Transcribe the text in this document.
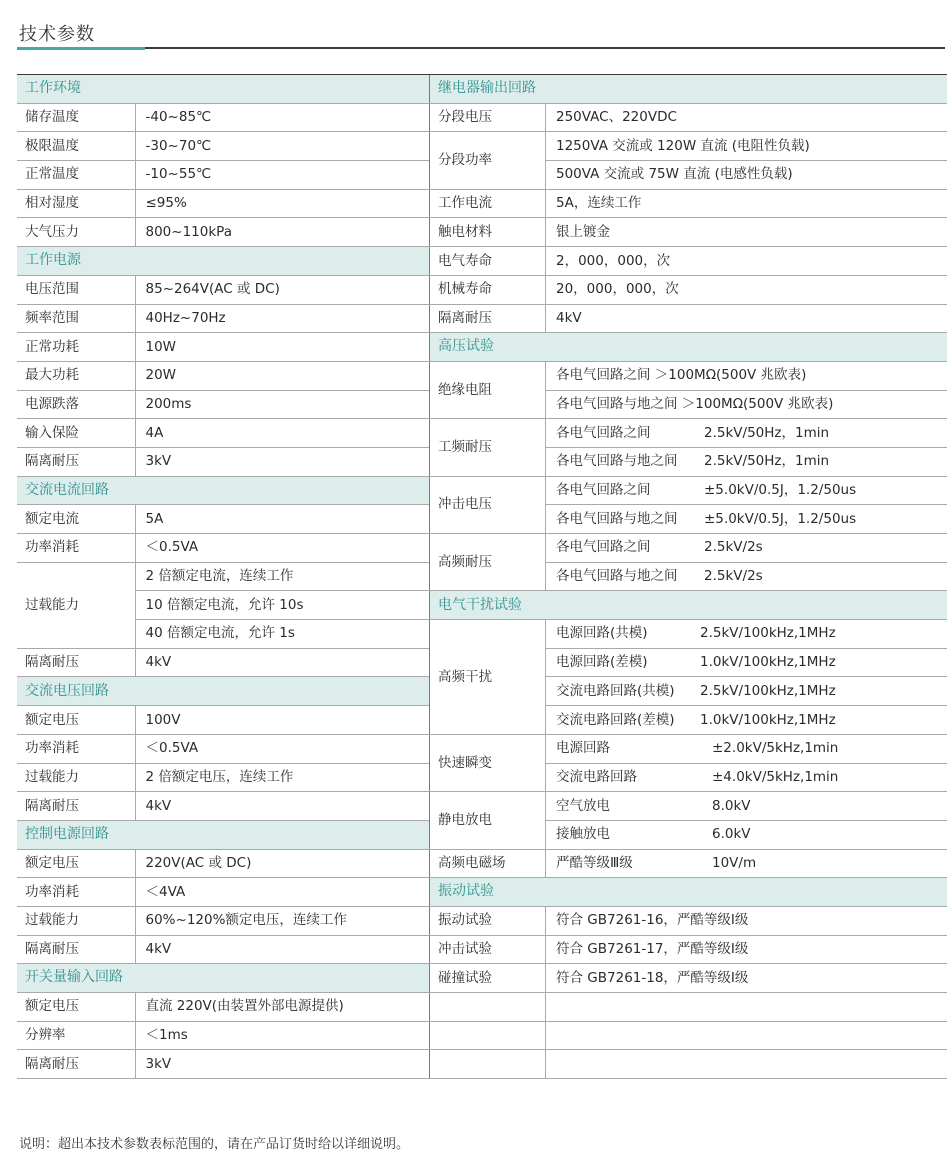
技术参数
工作环境	
储存温度	-40~85℃
极限温度	-30~70℃
正常温度	-10~55℃
相对湿度	≤95%
大气压力	800~110kPa
工作电源	
电压范围	85~264V(AC 或 DC)
频率范围	40Hz~70Hz
正常功耗	10W
最大功耗	20W
电源跌落	200ms
输入保险	4A
隔离耐压	3kV
交流电流回路	
额定电流	5A
功率消耗	＜0.5VA
过载能力	2 倍额定电流，连续工作
	10 倍额定电流，允许 10s
	40 倍额定电流，允许 1s
隔离耐压	4kV
交流电压回路	
额定电压	100V
功率消耗	＜0.5VA
过载能力	2 倍额定电压，连续工作
隔离耐压	4kV
控制电源回路	
额定电压	220V(AC 或 DC)
功率消耗	＜4VA
过载能力	60%~120%额定电压，连续工作
隔离耐压	4kV
开关量输入回路	
额定电压	直流 220V(由装置外部电源提供)
分辨率	＜1ms
隔离耐压	3kV
继电器输出回路	
分段电压	250VAC、220VDC
分段功率	1250VA 交流或 120W 直流 (电阻性负载)
	500VA 交流或 75W 直流 (电感性负载)
工作电流	5A，连续工作
触电材料	银上镀金
电气寿命	2，000，000，次
机械寿命	20，000，000，次
隔离耐压	4kV
高压试验	
绝缘电阻	各电气回路之间 ＞100MΩ(500V 兆欧表)
	各电气回路与地之间 ＞100MΩ(500V 兆欧表)
工频耐压	各电气回路之间 2.5kV/50Hz，1min
	各电气回路与地之间 2.5kV/50Hz，1min
冲击电压	各电气回路之间 ±5.0kV/0.5J，1.2/50us
	各电气回路与地之间 ±5.0kV/0.5J，1.2/50us
高频耐压	各电气回路之间 2.5kV/2s
	各电气回路与地之间 2.5kV/2s
电气干扰试验	
高频干扰	电源回路(共模) 2.5kV/100kHz,1MHz
	电源回路(差模) 1.0kV/100kHz,1MHz
	交流电路回路(共模) 2.5kV/100kHz,1MHz
	交流电路回路(差模) 1.0kV/100kHz,1MHz
快速瞬变	电源回路 ±2.0kV/5kHz,1min
	交流电路回路 ±4.0kV/5kHz,1min
静电放电	空气放电 8.0kV
	接触放电 6.0kV
高频电磁场	严酷等级Ⅲ级 10V/m
振动试验	
振动试验	符合 GB7261-16，严酷等级Ⅰ级
冲击试验	符合 GB7261-17，严酷等级Ⅰ级
碰撞试验	符合 GB7261-18，严酷等级Ⅰ级

说明：超出本技术参数表标范围的，请在产品订货时给以详细说明。
